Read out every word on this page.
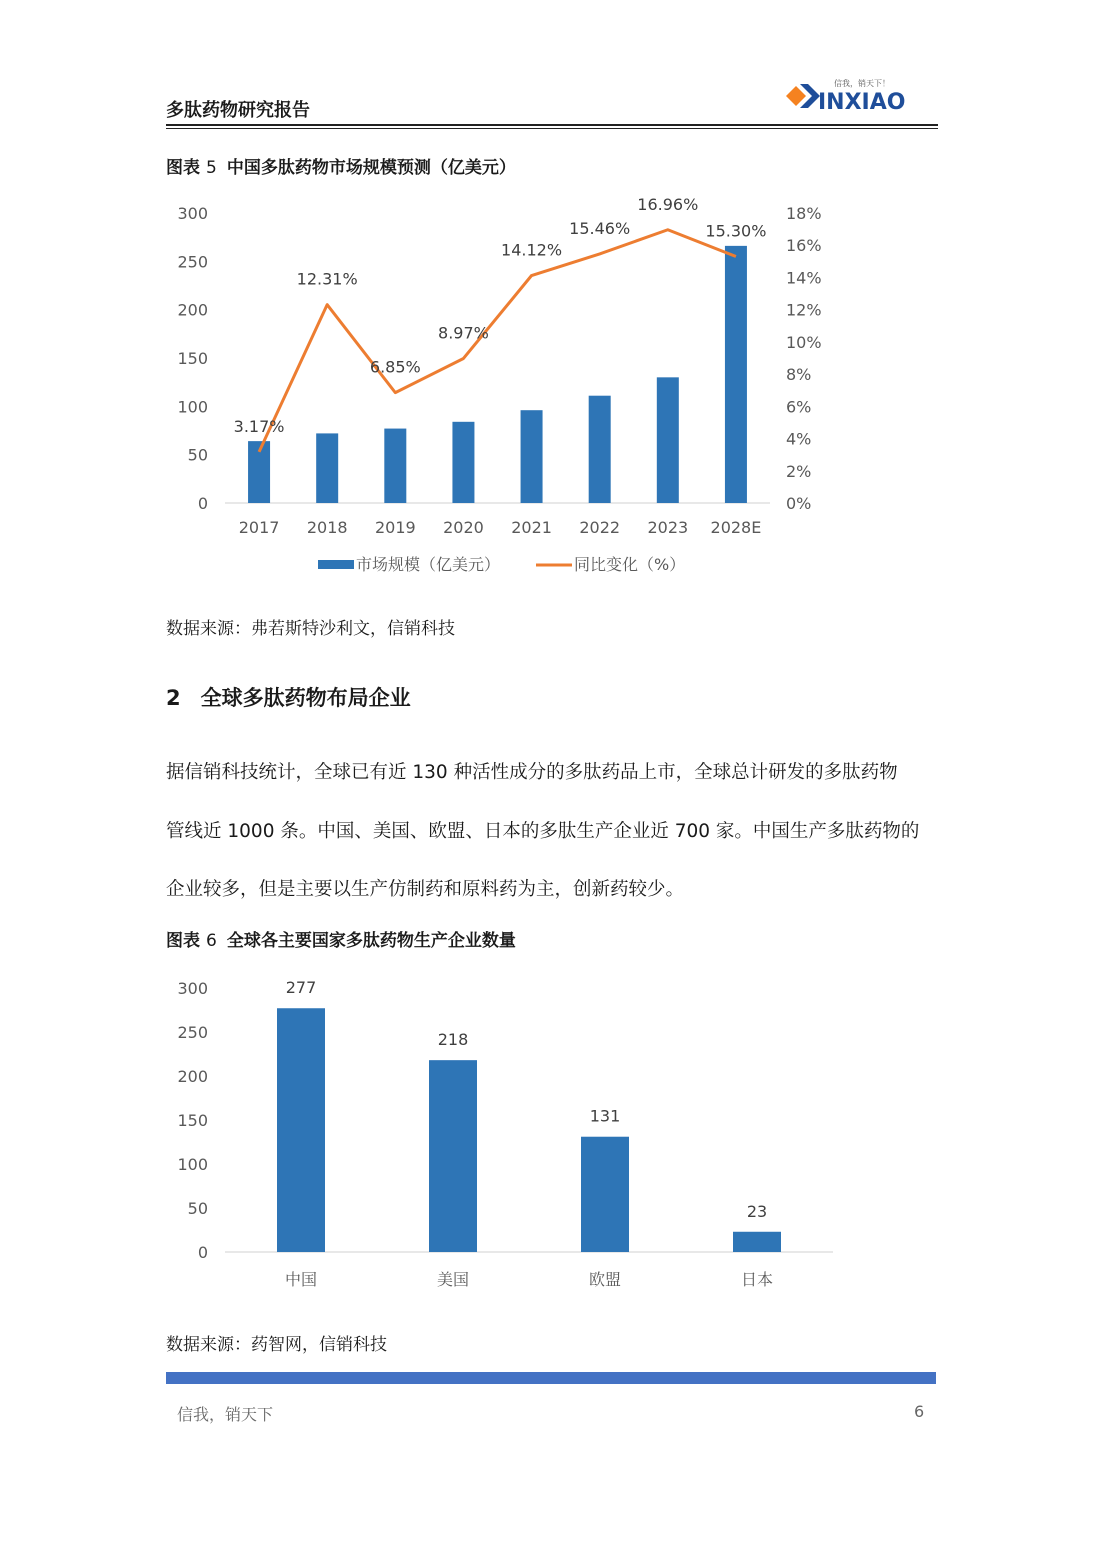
多肽药物研究报告
信我，销天下！
INXIAO
图表 5 中国多肽药物市场规模预测（亿美元）
0
50
100
150
200
250
300
0%
2%
4%
6%
8%
10%
12%
14%
16%
18%
2017 2018 2019 2020 2021 2022 2023 2028E
3.17%
12.31%
6.85%
8.97%
14.12%
15.46%
16.96%
15.30%
市场规模（亿美元）	同比变化（%）
数据来源：弗若斯特沙利文，信销科技
2 全球多肽药物布局企业

据信销科技统计，全球已有近 130 种活性成分的多肽药品上市，全球总计研发的多肽药物

管线近 1000 条。中国、美国、欧盟、日本的多肽生产企业近 700 家。中国生产多肽药物的

企业较多，但是主要以生产仿制药和原料药为主，创新药较少。

图表 6 全球各主要国家多肽药物生产企业数量
0
50
100
150
200
250
300	277
中国
218
美国
131
欧盟
23
日本
数据来源：药智网，信销科技
信我，销天下	6
